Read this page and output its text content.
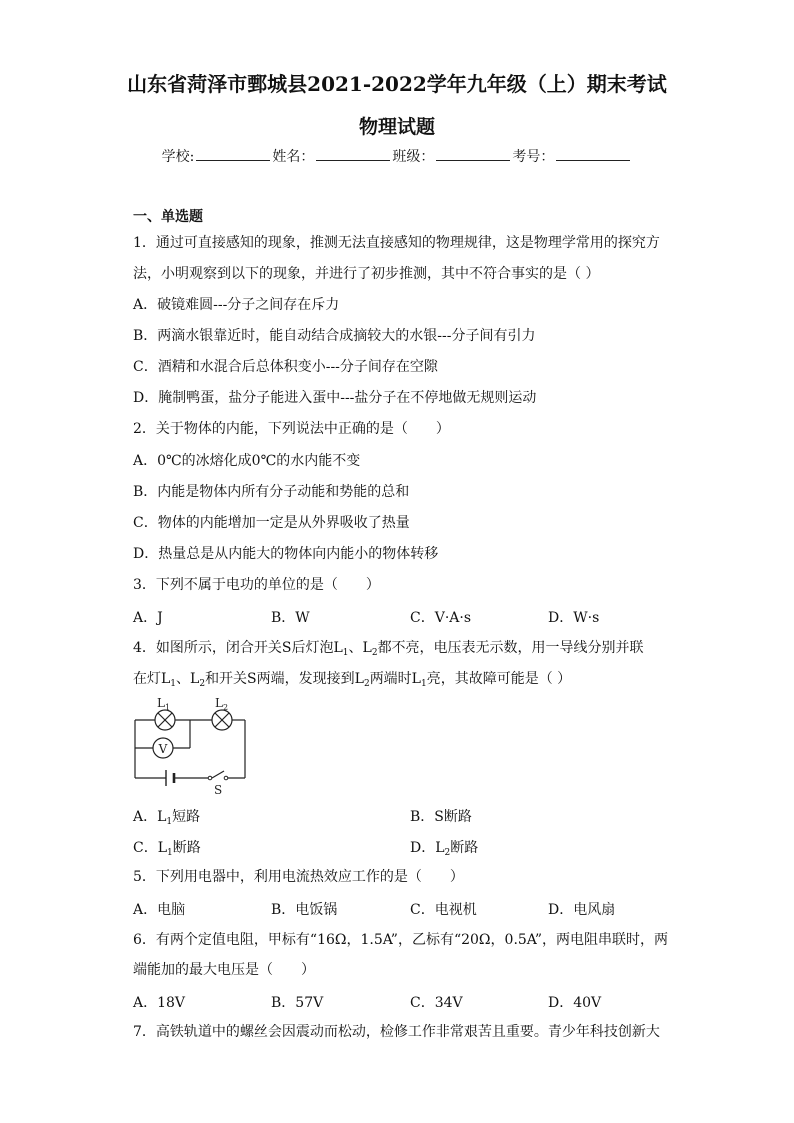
山东省菏泽市鄄城县2021-2022学年九年级（上）期末考试
物理试题
学校:	姓名：	班级：	考号：
一、单选题
1．通过可直接感知的现象，推测无法直接感知的物理规律，这是物理学常用的探究方
法，小明观察到以下的现象，并进行了初步推测，其中不符合事实的是（ ）
A．破镜难圆---分子之间存在斥力
B．两滴水银靠近时，能自动结合成摘较大的水银---分子间有引力
C．酒精和水混合后总体积变小---分子间存在空隙
D．腌制鸭蛋，盐分子能进入蛋中---盐分子在不停地做无规则运动
2．关于物体的内能，下列说法中正确的是（　　）
A．0℃的冰熔化成0℃的水内能不变
B．内能是物体内所有分子动能和势能的总和
C．物体的内能增加一定是从外界吸收了热量
D．热量总是从内能大的物体向内能小的物体转移
3．下列不属于电功的单位的是（　　）
A．J	B．W	C．V·A·s	D．W·s
4．如图所示，闭合开关S后灯泡$L_1$、$L_2$都不亮，电压表无示数，用一导线分别并联
在灯$L_1$、$L_2$和开关S两端，发现接到$L_2$两端时$L_1$亮，其故障可能是（ ）
V
$L_1$	$L_2$
S
A．$L_1$短路	B．S断路
C．$L_1$断路	D．$L_2$断路
5．下列用电器中，利用电流热效应工作的是（　　）
A．电脑	B．电饭锅	C．电视机	D．电风扇
6．有两个定值电阻，甲标有“16Ω，1.5A”，乙标有“20Ω，0.5A”，两电阻串联时，两
端能加的最大电压是（　　）
A．18V	B．57V	C．34V	D．40V
7．高铁轨道中的螺丝会因震动而松动，检修工作非常艰苦且重要。青少年科技创新大
